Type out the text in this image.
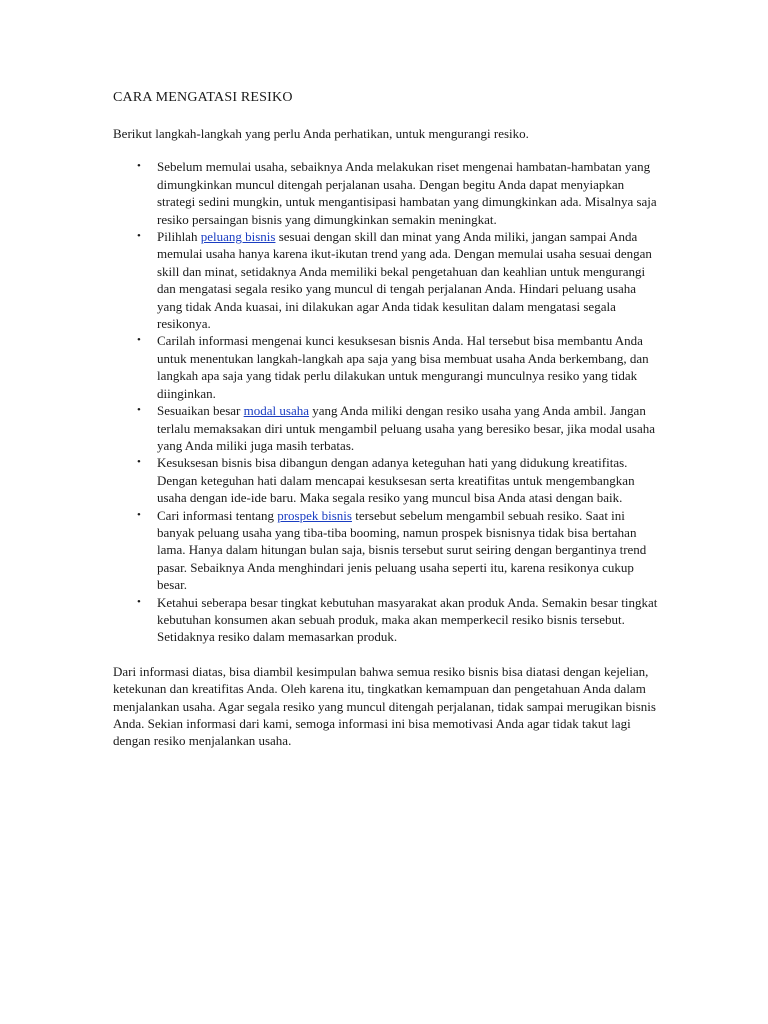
CARA MENGATASI RESIKO

Berikut langkah-langkah yang perlu Anda perhatikan, untuk mengurangi resiko.

• Sebelum memulai usaha, sebaiknya Anda melakukan riset mengenai hambatan-hambatan yang dimungkinkan muncul ditengah perjalanan usaha. Dengan begitu Anda dapat menyiapkan strategi sedini mungkin, untuk mengantisipasi hambatan yang dimungkinkan ada. Misalnya saja resiko persaingan bisnis yang dimungkinkan semakin meningkat.
• Pilihlah peluang bisnis sesuai dengan skill dan minat yang Anda miliki, jangan sampai Anda memulai usaha hanya karena ikut-ikutan trend yang ada. Dengan memulai usaha sesuai dengan skill dan minat, setidaknya Anda memiliki bekal pengetahuan dan keahlian untuk mengurangi dan mengatasi segala resiko yang muncul di tengah perjalanan Anda. Hindari peluang usaha yang tidak Anda kuasai, ini dilakukan agar Anda tidak kesulitan dalam mengatasi segala resikonya.
• Carilah informasi mengenai kunci kesuksesan bisnis Anda. Hal tersebut bisa membantu Anda untuk menentukan langkah-langkah apa saja yang bisa membuat usaha Anda berkembang, dan langkah apa saja yang tidak perlu dilakukan untuk mengurangi munculnya resiko yang tidak diinginkan.
• Sesuaikan besar modal usaha yang Anda miliki dengan resiko usaha yang Anda ambil. Jangan terlalu memaksakan diri untuk mengambil peluang usaha yang beresiko besar, jika modal usaha yang Anda miliki juga masih terbatas.
• Kesuksesan bisnis bisa dibangun dengan adanya keteguhan hati yang didukung kreatifitas. Dengan keteguhan hati dalam mencapai kesuksesan serta kreatifitas untuk mengembangkan usaha dengan ide-ide baru. Maka segala resiko yang muncul bisa Anda atasi dengan baik.
• Cari informasi tentang prospek bisnis tersebut sebelum mengambil sebuah resiko. Saat ini banyak peluang usaha yang tiba-tiba booming, namun prospek bisnisnya tidak bisa bertahan lama. Hanya dalam hitungan bulan saja, bisnis tersebut surut seiring dengan bergantinya trend pasar. Sebaiknya Anda menghindari jenis peluang usaha seperti itu, karena resikonya cukup besar.
• Ketahui seberapa besar tingkat kebutuhan masyarakat akan produk Anda. Semakin besar tingkat kebutuhan konsumen akan sebuah produk, maka akan memperkecil resiko bisnis tersebut. Setidaknya resiko dalam memasarkan produk.

Dari informasi diatas, bisa diambil kesimpulan bahwa semua resiko bisnis bisa diatasi dengan kejelian, ketekunan dan kreatifitas Anda. Oleh karena itu, tingkatkan kemampuan dan pengetahuan Anda dalam menjalankan usaha. Agar segala resiko yang muncul ditengah perjalanan, tidak sampai merugikan bisnis Anda. Sekian informasi dari kami, semoga informasi ini bisa memotivasi Anda agar tidak takut lagi dengan resiko menjalankan usaha.
